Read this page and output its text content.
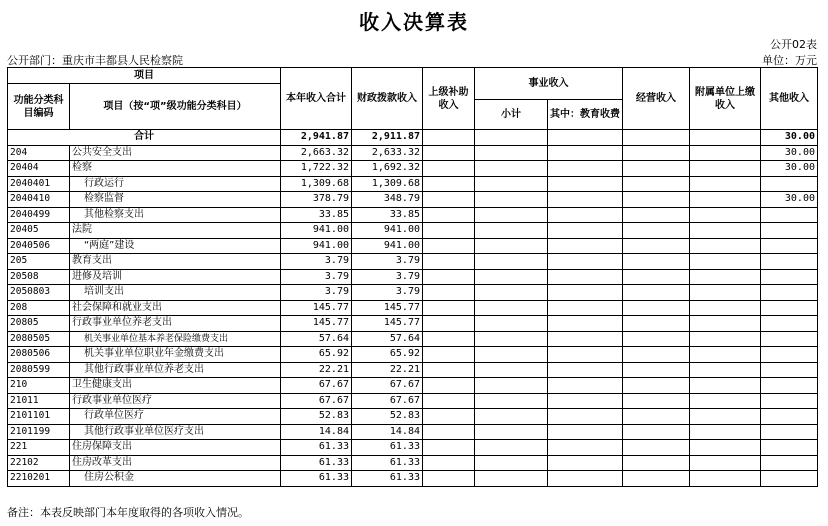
收入决算表
公开02表
公开部门：重庆市丰都县人民检察院	单位：万元
项目		本年收入合计	财政拨款收入	上级补助收入	事业收入		经营收入	附属单位上缴收入	其他收入
功能分类科目编码	项目（按“项”级功能分类科目）								
					小计	其中：教育收费			
合计		2,941.87	2,911.87						30.00
204	公共安全支出	2,663.32	2,633.32						30.00
20404	检察	1,722.32	1,692.32						30.00
2040401	行政运行	1,309.68	1,309.68						
2040410	检察监督	378.79	348.79						30.00
2040499	其他检察支出	33.85	33.85						
20405	法院	941.00	941.00						
2040506	“两庭”建设	941.00	941.00						
205	教育支出	3.79	3.79						
20508	进修及培训	3.79	3.79						
2050803	培训支出	3.79	3.79						
208	社会保障和就业支出	145.77	145.77						
20805	行政事业单位养老支出	145.77	145.77						
2080505	机关事业单位基本养老保险缴费支出	57.64	57.64						
2080506	机关事业单位职业年金缴费支出	65.92	65.92						
2080599	其他行政事业单位养老支出	22.21	22.21						
210	卫生健康支出	67.67	67.67						
21011	行政事业单位医疗	67.67	67.67						
2101101	行政单位医疗	52.83	52.83						
2101199	其他行政事业单位医疗支出	14.84	14.84						
221	住房保障支出	61.33	61.33						
22102	住房改革支出	61.33	61.33						
2210201	住房公积金	61.33	61.33						
备注：本表反映部门本年度取得的各项收入情况。
